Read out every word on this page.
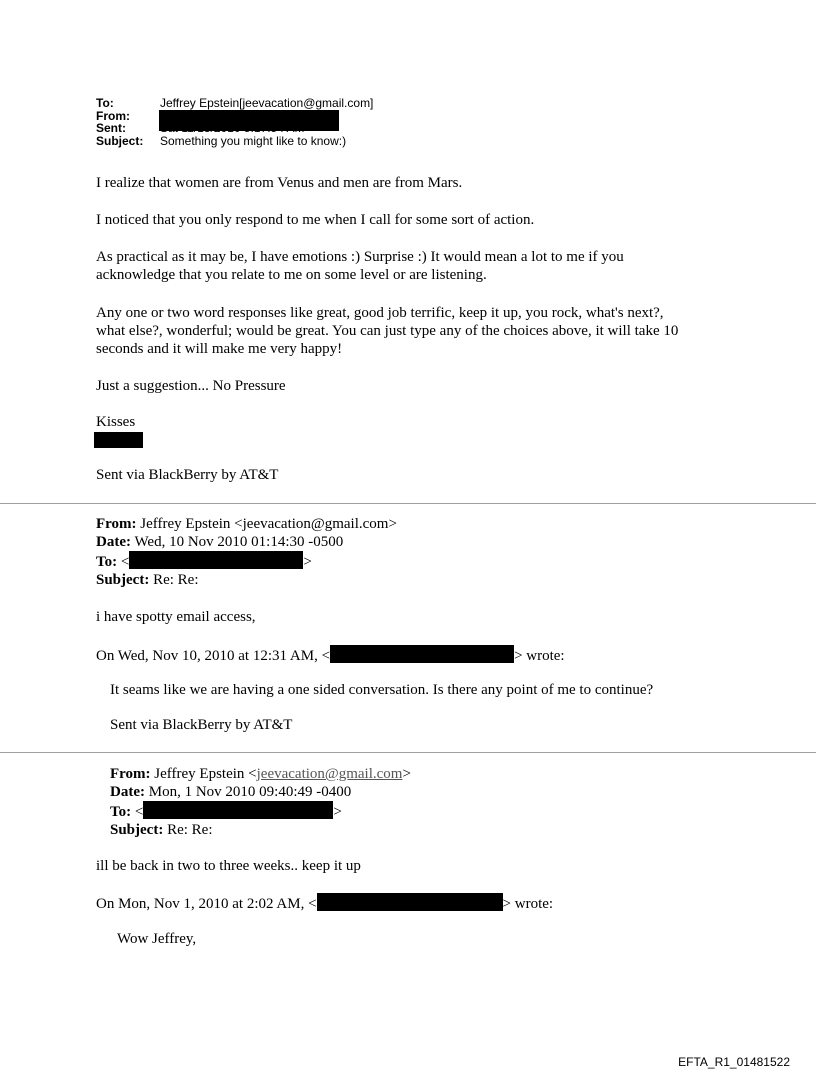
To:	Jeffrey Epstein[jeevacation@gmail.com]
From:
Sent:
Subject:	Something you might like to know:)
I realize that women are from Venus and men are from Mars.
I noticed that you only respond to me when I call for some sort of action.
As practical as it may be, I have emotions :) Surprise :) It would mean a lot to me if you
acknowledge that you relate to me on some level or are listening.
Any one or two word responses like great, good job terrific, keep it up, you rock, what's next?,
what else?, wonderful; would be great. You can just type any of the choices above, it will take 10
seconds and it will make me very happy!
Just a suggestion... No Pressure
Kisses
Sent via BlackBerry by AT&T
From: Jeffrey Epstein <jeevacation@gmail.com>
Date: Wed, 10 Nov 2010 01:14:30 -0500
To: <	>
Subject: Re: Re:
i have spotty email access,
On Wed, Nov 10, 2010 at 12:31 AM, <	> wrote:
It seams like we are having a one sided conversation. Is there any point of me to continue?
Sent via BlackBerry by AT&T
From: Jeffrey Epstein <jeevacation@gmail.com>
Date: Mon, 1 Nov 2010 09:40:49 -0400
To: <	>
Subject: Re: Re:
ill be back in two to three weeks.. keep it up
On Mon, Nov 1, 2010 at 2:02 AM, <	> wrote:
Wow Jeffrey,
EFTA_R1_01481522
